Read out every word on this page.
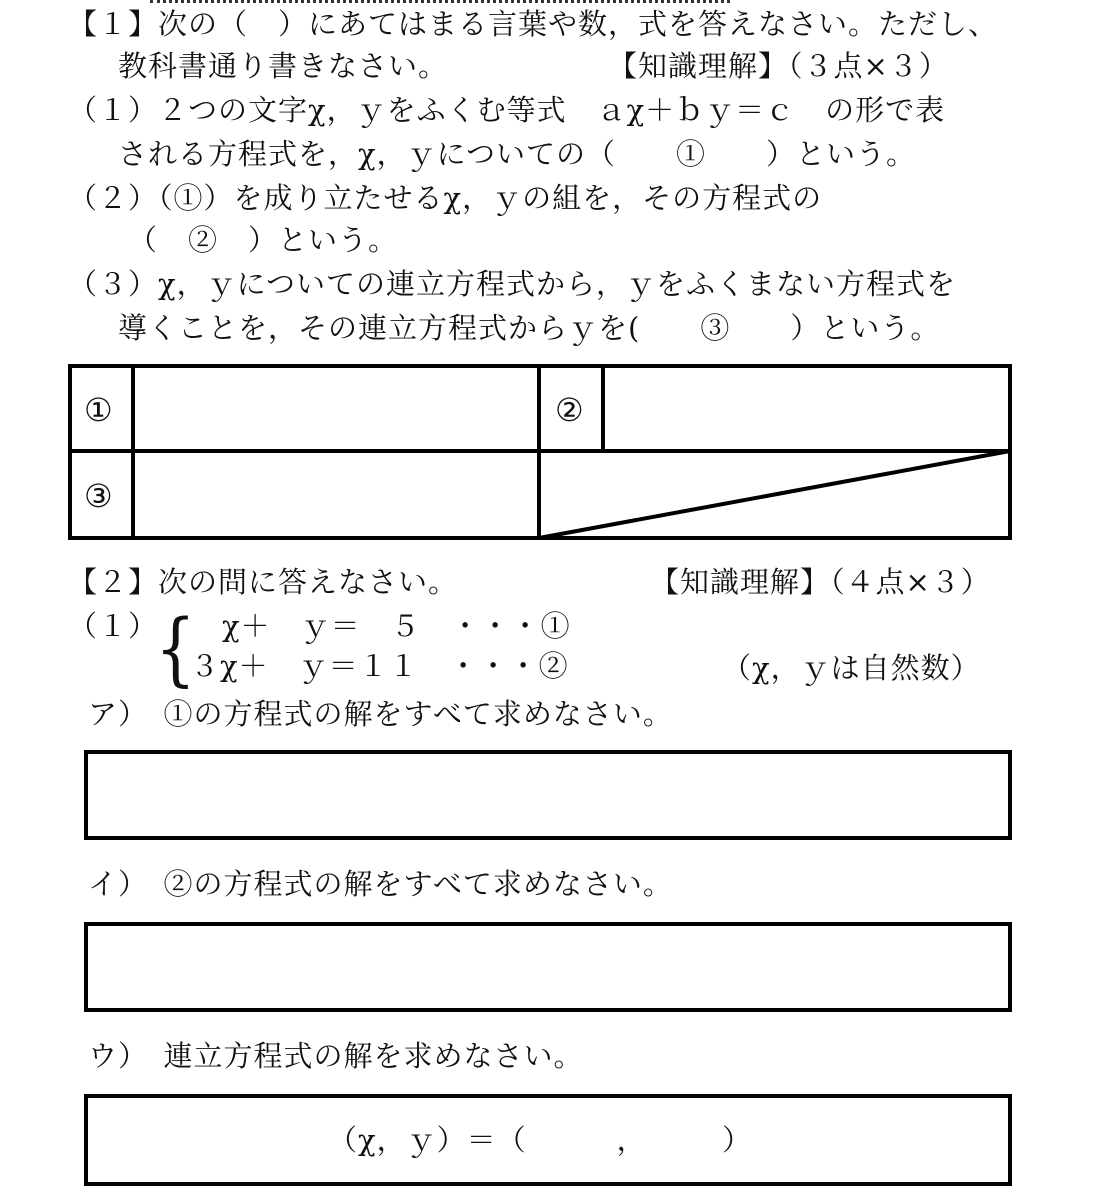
【１】次の（　）にあてはまる言葉や数，式を答えなさい。ただし、
教科書通り書きなさい。	【知識理解】（３点×３）
（１）２つの文字χ，ｙをふくむ等式　ａχ＋ｂｙ＝ｃ　の形で表
される方程式を，χ，ｙについての（　　①　　）という。
（２）（①）を成り立たせるχ，ｙの組を，その方程式の
（　②　）という。
（３）χ，ｙについての連立方程式から，ｙをふくまない方程式を
導くことを，その連立方程式からｙを(　　③　　）という。
①	②
③
【２】次の問に答えなさい。	【知識理解】（４点×３）
（１）
{ χ＋　ｙ＝　５　・・・①
３χ＋　ｙ＝１１　・・・②	（χ，ｙは自然数）
ア）　①の方程式の解をすべて求めなさい。
イ）　②の方程式の解をすべて求めなさい。
ウ）　連立方程式の解を求めなさい。
（χ，ｙ）＝（　　　，　　　）
